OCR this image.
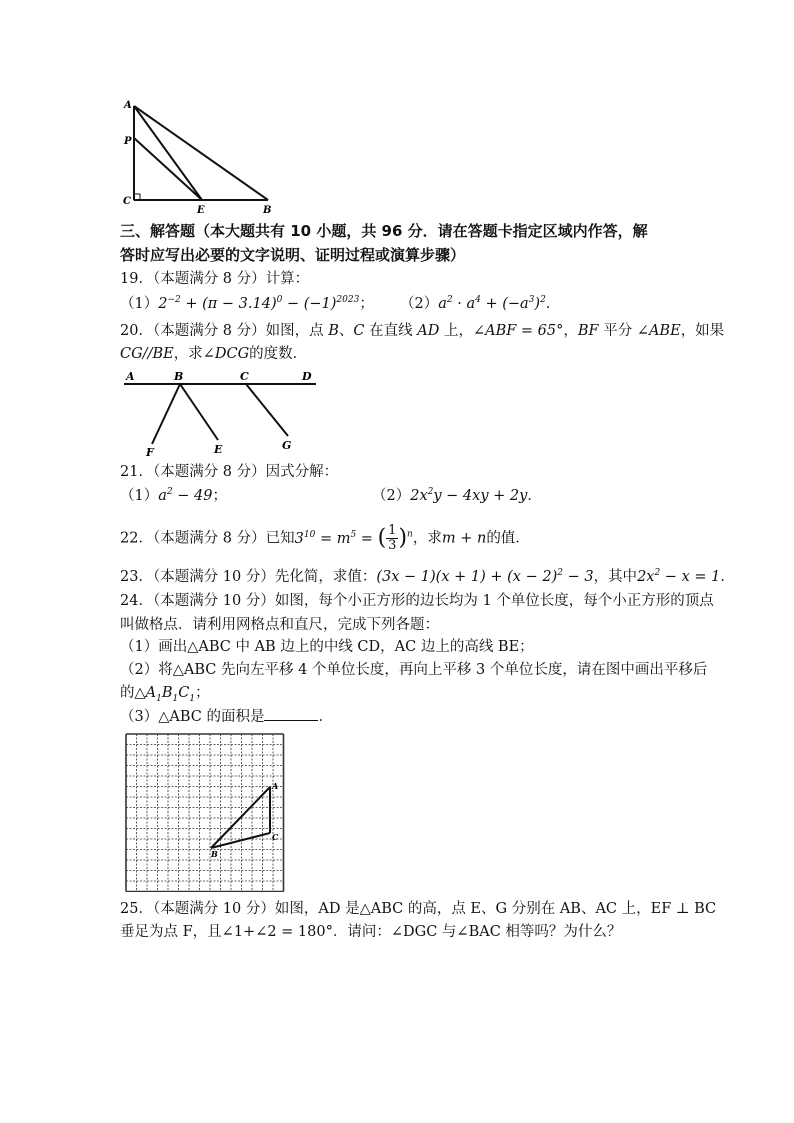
A
P
C
E	B
三、解答题（本大题共有 10 小题，共 96 分．请在答题卡指定区域内作答，解
答时应写出必要的文字说明、证明过程或演算步骤）
19．（本题满分 8 分）计算：
$(1)2^{-2} + (\pi - 3.14)^0 - (-1)^{2023}$； $(2)a^2 \cdot a^4 + (-a^3)^2$．
20．（本题满分 8 分）如图，点 B、C 在直线 AD 上，∠ABF = 65°，BF 平分 ∠ABE，如果
CG//BE，求∠DCG的度数．
A	B	C	D
F	E	G
21．（本题满分 8 分）因式分解：
$(1)a^2 - 49$；	$(2)2x^2y - 4xy + 2y$．
22．（本题满分 8 分）已知$3^{10} = m^5$ = ( $\frac{1}{3} )^n$，求m + n的值．
23．（本题满分 10 分）先化简，求值：$(3x - 1)(x + 1) + (x - 2)^2 - 3$，其中$2x^2 - x = 1$．
24．（本题满分 10 分）如图，每个小正方形的边长均为 1 个单位长度，每个小正方形的顶点
叫做格点．请利用网格点和直尺，完成下列各题：
（1）画出△ABC 中 AB 边上的中线 CD，AC 边上的高线 BE；
（2）将△ABC 先向左平移 4 个单位长度，再向上平移 3 个单位长度，请在图中画出平移后
的$\triangle A_1B_1C_1$；
（3）△ABC 的面积是	．
A
B
C
25．（本题满分 10 分）如图，AD 是△ABC 的高，点 E、G 分别在 AB、AC 上，EF ⊥ BC
垂足为点 F，且∠1+∠2 = 180°．请问：∠DGC 与∠BAC 相等吗？为什么？
